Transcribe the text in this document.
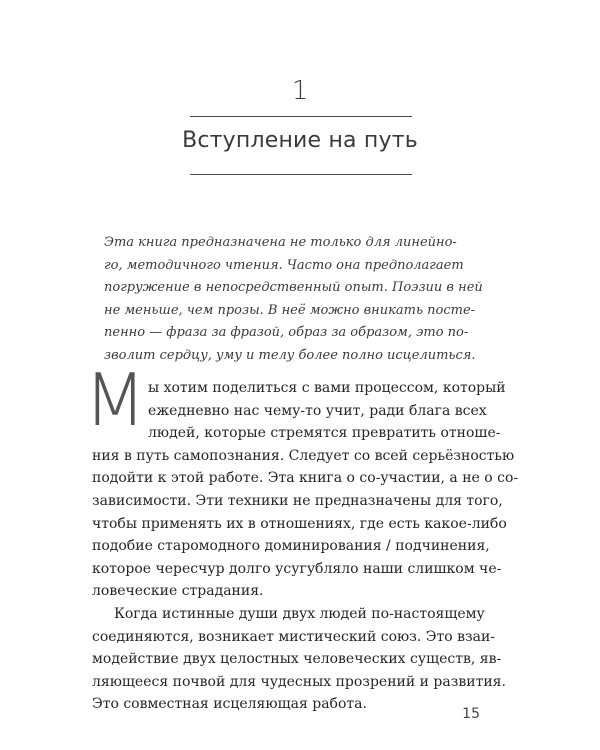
1
Вступление на путь
Эта книга предназначена не только для линейно-
го, методичного чтения. Часто она предполагает
погружение в непосредственный опыт. Поэзии в ней
не меньше, чем прозы. В неё можно вникать посте-
пенно — фраза за фразой, образ за образом, это по-
зволит сердцу, уму и телу более полно исцелиться.
М ы хотим поделиться с вами процессом, который
ежедневно нас чему-то учит, ради блага всех
людей, которые стремятся превратить отноше-
ния в путь самопознания. Следует со всей серьёзностью
подойти к этой работе. Эта книга о со-участии, а не о со-
зависимости. Эти техники не предназначены для того,
чтобы применять их в отношениях, где есть какое-либо
подобие старомодного доминирования / подчинения,
которое чересчур долго усугубляло наши слишком че-
ловеческие страдания.
Когда истинные души двух людей по-настоящему
соединяются, возникает мистический союз. Это взаи-
модействие двух целостных человеческих существ, яв-
ляющееся почвой для чудесных прозрений и развития.
Это совместная исцеляющая работа.
15
